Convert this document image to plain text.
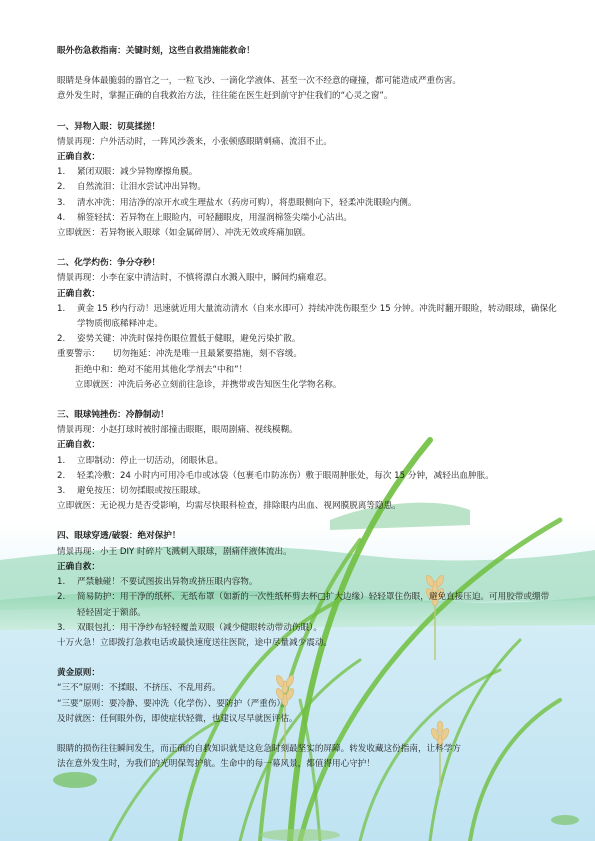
眼外伤急救指南：关键时刻，这些自救措施能救命！

眼睛是身体最脆弱的器官之一，一粒飞沙、一滴化学液体、甚至一次不经意的碰撞，都可能造成严重伤害。

意外发生时，掌握正确的自我救治方法，往往能在医生赶到前守护住我们的“心灵之窗”。

一、异物入眼：切莫揉搓！

情景再现：户外活动时，一阵风沙袭来，小张顿感眼睛刺痛、流泪不止。

正确自救：

1. 紧闭双眼：减少异物摩擦角膜。

2. 自然流泪：让泪水尝试冲出异物。

3. 清水冲洗：用洁净的凉开水或生理盐水（药房可购），将患眼侧向下，轻柔冲洗眼睑内侧。

4. 棉签轻拭：若异物在上眼睑内，可轻翻眼皮，用湿润棉签尖端小心沾出。

立即就医：若异物嵌入眼球（如金属碎屑）、冲洗无效或疼痛加剧。

二、化学灼伤：争分夺秒！

情景再现：小李在家中清洁时，不慎将漂白水溅入眼中，瞬间灼痛难忍。

正确自救：

1. 黄金 15 秒内行动！迅速就近用大量流动清水（自来水即可）持续冲洗伤眼至少 15 分钟。冲洗时翻开眼睑，转动眼球，确保化学物质彻底稀释冲走。

2. 姿势关键：冲洗时保持伤眼位置低于健眼，避免污染扩散。

重要警示：　　切勿拖延：冲洗是唯一且最紧要措施，刻不容缓。

拒绝中和：绝对不能用其他化学剂去“中和”！

立即就医：冲洗后务必立刻前往急诊，并携带或告知医生化学物名称。

三、眼球钝挫伤：冷静制动！

情景再现：小赵打球时被肘部撞击眼眶，眼周剧痛、视线模糊。

正确自救：

1. 立即制动：停止一切活动，闭眼休息。

2. 轻柔冷敷：24 小时内可用冷毛巾或冰袋（包裹毛巾防冻伤）敷于眼周肿胀处，每次 15 分钟，减轻出血肿胀。

3. 避免按压：切勿揉眼或按压眼球。

立即就医：无论视力是否受影响，均需尽快眼科检查，排除眼内出血、视网膜脱离等隐患。

四、眼球穿透/破裂：绝对保护！

情景再现：小王 DIY 时碎片飞溅刺入眼球，剧痛伴液体流出。

正确自救：

1. 严禁触碰！不要试图拔出异物或挤压眼内容物。

2. 简易防护：用干净的纸杯、无纸布罩（如新的一次性纸杯剪去杯□扩大边缘）轻轻罩住伤眼，避免直接压迫。可用胶带或绷带轻轻固定于额部。

3. 双眼包扎：用干净纱布轻轻覆盖双眼（减少健眼转动带动伤眼）。

十万火急！立即拨打急救电话或最快速度送往医院，途中尽量减少震动。

黄金原则：

“三不”原则：不揉眼、不挤压、不乱用药。

“三要”原则：要冷静、要冲洗（化学伤）、要防护（严重伤）。

及时就医：任何眼外伤，即使症状轻微，也建议尽早就医评估。

眼睛的损伤往往瞬间发生，而正确的自救知识就是这危急时刻最坚实的屏障。转发收藏这份指南，让科学方

法在意外发生时，为我们的光明保驾护航。生命中的每一幕风景，都值得用心守护！
